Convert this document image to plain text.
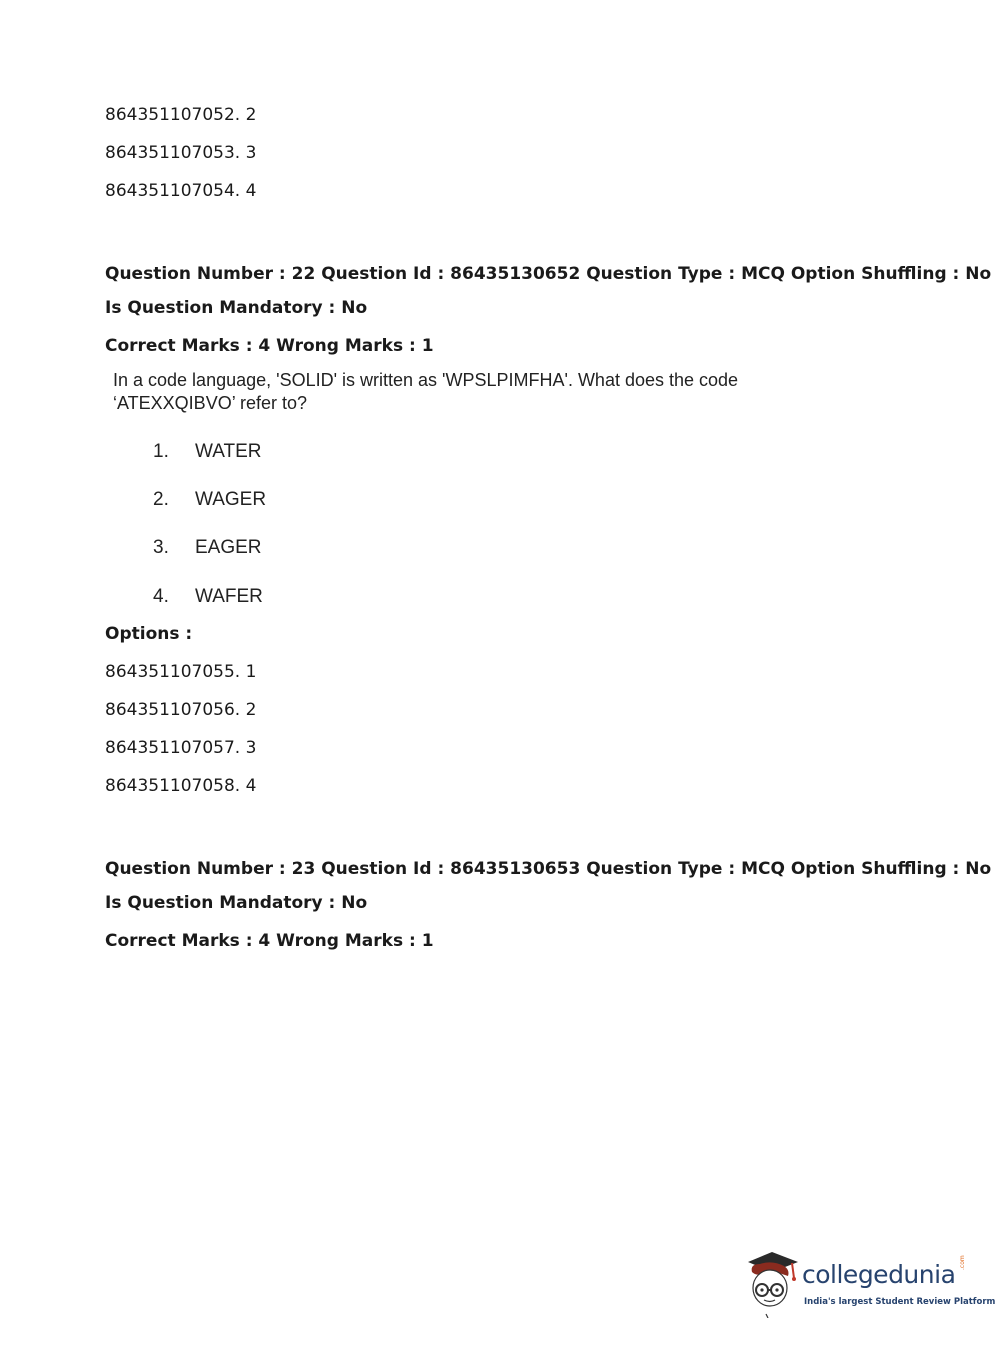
864351107052. 2
864351107053. 3
864351107054. 4
Question Number : 22 Question Id : 86435130652 Question Type : MCQ Option Shuffling : No
Is Question Mandatory : No
Correct Marks : 4 Wrong Marks : 1
In a code language, 'SOLID' is written as 'WPSLPIMFHA'. What does the code
‘ATEXXQIBVO’ refer to?
1. WATER
2. WAGER
3. EAGER
4. WAFER
Options :
864351107055. 1
864351107056. 2
864351107057. 3
864351107058. 4
Question Number : 23 Question Id : 86435130653 Question Type : MCQ Option Shuffling : No
Is Question Mandatory : No
Correct Marks : 4 Wrong Marks : 1
collegedunia .com
India's largest Student Review Platform
